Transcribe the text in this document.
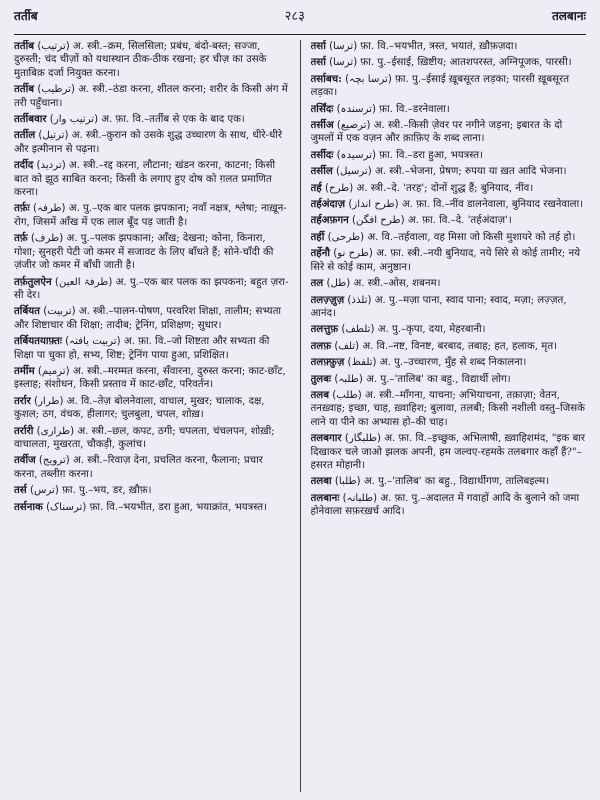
तर्तीब	२८३	तलबानः
तर्तीब (ترتیب) अ. स्त्री.–क्रम, सिलसिला; प्रबंध, बंदो-बस्त; सज्जा, दुरुस्ती; चंद चीज़ों को यथास्थान ठीक-ठीक रखना; हर चीज़ का उसके मुताबिक़ दर्जा नियुक्त करना।
तर्तीब (ترطیب) अ. स्त्री.–ठंडा करना, शीतल करना; शरीर के किसी अंग में तरी पहुँचाना।
तर्तीबवार (ترتیب وار) अ. फ़ा. वि.–तर्तीब से एक के बाद एक।
तर्तील (ترتیل) अ. स्त्री.–क़ुरान को उसके शुद्ध उच्चारण के साथ, धीरे-धीरे और इत्मीनान से पढ़ना।
तर्दीद (تردید) अ. स्त्री.–रद्द करना, लौटाना; खंडन करना, काटना; किसी बात को झूठ साबित करना; किसी के लगाए हुए दोष को ग़लत प्रमाणित करना।
तर्फ़ः (طرفہ) अ. पु.–एक बार पलक झपकाना; नवाँ नक्षत्र, श्लेषा; नाख़ून-रोग, जिसमें आँख में एक लाल बूँद पड़ जाती है।
तर्फ़ (طرف) अ. पु.–पलक झपकाना; आँख; देखना; कोना, किनारा, गोशा; सुनहरी पेटी जो कमर में सजावट के लिए बाँधते हैं; सोने-चाँदी की ज़ंजीर जो कमर में बाँधी जाती है।
तर्फ़तुलऐन (طرفۃ العین) अ. पु.–एक बार पलक का झपकना; बहुत ज़रा-सी देर।
तर्बियत (تربیت) अ. स्त्री.–पालन-पोषण, परवरिश शिक्षा, तालीम; सभ्यता और शिष्टाचार की शिक्षा; तादीब; ट्रेनिंग, प्रशिक्षण; सुधार।
तर्बियतयाफ़्तः (تربیت یافتہ) अ. फ़ा. वि.–जो शिष्टता और सभ्यता की शिक्षा पा चुका हो, सभ्य, शिष्ट; ट्रेनिंग पाया हुआ, प्रशिक्षित।
तर्मीम (ترمیم) अ. स्त्री.–मरम्मत करना, सँवारना, दुरुस्त करना; काट-छाँट, इस्लाह; संशोधन, किसी प्रस्ताव में काट-छाँट, परिवर्तन।
तर्रार (طرار) अ. वि.–तेज़ बोलनेवाला, वाचाल, मुखर; चालाक, दक्ष, कुशल; ठग, वंचक, हीलागर; चुलबुला, चपल, शोख़।
तर्रारी (طراری) अ. स्त्री.–छल, कपट, ठगी; चपलता, चंचलपन, शोख़ी; वाचालता, मुखरता, चौकड़ी, कुलांच।
तर्वीज (ترویج) अ. स्त्री.–रिवाज़ देना, प्रचलित करना, फैलाना; प्रचार करना, तब्लीग़ करना।
तर्स (ترس) फ़ा. पु.–भय, डर, ख़ौफ़।
तर्सनाक (ترسناک) फ़ा. वि.–भयभीत, डरा हुआ, भयाक्रांत, भयत्रस्त।
तर्सा (ترسا) फ़ा. वि.–भयभीत, त्रस्त, भयातं, ख़ौफ़ज़दा।
तर्सा (ترسا) फ़ा. पु.–ईसाई, ख़िष्टीय; आतशपरस्त, अग्निपूजक, पारसी।
तर्साबच: (ترسا بچہ) फ़ा. पु.–ईसाई ख़ूबसूरत लड़का; पारसी ख़ूबसूरत लड़का।
तर्सिंदः (ترسندہ) फ़ा. वि.–डरनेवाला।
तर्सीअ (ترصیع) अ. स्त्री.–किसी ज़ेवर पर नगीने जड़ना; इबारत के दो जुमलों में एक वज़न और क़ाफ़िए के शब्द लाना।
तर्सीदः (ترسیدہ) फ़ा. वि.–डरा हुआ, भयत्रस्त।
तर्सील (ترسیل) अ. स्त्री.–भेजना, प्रेषण; रुपया या ख़त आदि भेजना।
तर्ह (طرح) अ. स्त्री.–दे. 'तरह'; दोनों शुद्ध हैं; बुनियाद, नींव।
तर्हअंदाज़ (طرح انداز) अ. फ़ा. वि.–नींव डालनेवाला, बुनियाद रखनेवाला।
तर्हअफ़गन (طرح افگن) अ. फ़ा. वि.–दे. 'तर्हअंदाज़'।
तर्ही (طرحی) अ. वि.–तर्हवाला, वह मिसा जो किसी मुशायरे को तर्ह हो।
तर्हेनौ (طرح نو) अ. फ़ा. स्त्री.–नयी बुनियाद, नये सिरे से कोई तामीर; नये सिरे से कोई काम, अनुष्ठान।
तल (طل) अ. स्त्री.–ओस, शबनम।
तलज़्ज़ुज़ (تلذذ) अ. पु.–मज़ा पाना, स्वाद पाना; स्वाद, मज़ा; लज़्ज़त, आनंद।
तलत्तुफ़ (تلطف) अ. पु.–कृपा, दया, मेहरबानी।
तलफ़ (تلف) अ. वि.–नष्ट, विनष्ट, बरबाद, तबाह; हत, हलाक, मृत।
तलफ़्फ़ुज़ (تلفظ) अ. पु.–उच्चारण, मुँह से शब्द निकालना।
तुलबः (طلبہ) अ. पु.–'तालिब' का बहु., विद्यार्थी लोग।
तलब (طلب) अ. स्त्री.–माँगना, याचना; अभियाचना, तक़ाज़ा; वेतन, तनख़्वाह; इच्छा, चाह, ख़्वाहिश; बुलावा, तलबी; किसी नशीली वस्तु–जिसके लाने या पीने का अभ्यास हो–की चाह।
तलबगार (طلبگار) अ. फ़ा. वि.–इच्छुक, अभिलाषी, ख़्वाहिशमंद, "इक बार दिखाकर चले जाओ झलक अपनी, हम जल्वए-रहमके तलबगार कहाँ हैं?"–हसरत मोहानी।
तलबा (طلبا) अ. पु.–'तालिब' का बहु., विद्यार्थीगण, तालिबइल्म।
तलबानः (طلبانہ) अ. फ़ा. पु.–अदालत में गवाहों आदि के बुलाने को जमा होनेवाला सफ़रख़र्च आदि।
